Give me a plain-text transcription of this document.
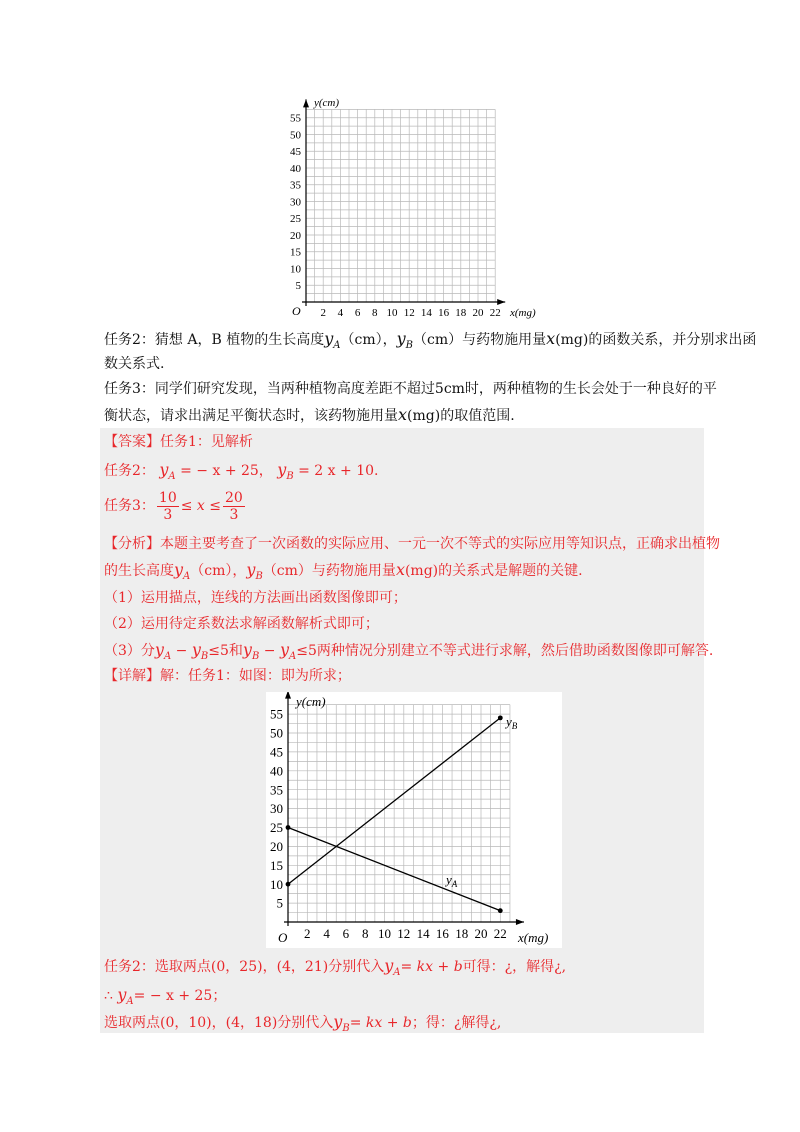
5
10
15
20
25
30
35
40
45
50
55
2 4 6 8 10 12 14 16 18 20 22
y(cm)
x(mg)
O
任务2：猜想 A，B 植物的生长高度$y_A(cm)$，$y_B(cm)$与药物施用量x(mg)的函数关系，并分别求出函
数关系式.
任务3：同学们研究发现，当两种植物高度差距不超过5cm时，两种植物的生长会处于一种良好的平
衡状态，请求出满足平衡状态时，该药物施用量x(mg)的取值范围.
【答案】任务1：见解析
任务2： $y_A$ = − x + 25， $y_B = 2$ x + 10.
任务3： $\frac{10}{3} \le x \le \frac{20}{3}$
【分析】本题主要考查了一次函数的实际应用、一元一次不等式的实际应用等知识点，正确求出植物
的生长高度$y_A(cm)$，$y_B(cm)$与药物施用量x(mg)的关系式是解题的关键.
（1）运用描点，连线的方法画出函数图像即可；
（2）运用待定系数法求解函数解析式即可；
（3）分$y_A - y_B\le 5$和$y_B - y_A\le 5$两种情况分别建立不等式进行求解，然后借助函数图像即可解答.
【详解】解：任务1：如图：即为所求；
5
10
15
20
25
30
35
40
45
50
55
2 4 6 8 10 12 14 16 18 20 22
y(cm)
x(mg)
O
$y_B$
$y_A$
任务2：选取两点(0，25)，(4，21)分别代入$y_A=$ kx + b可得：¿，解得¿,
∴ $y_A= - x + 25$；
选取两点(0，10)，(4，18)分别代入$y_B=$ kx + b；得：¿解得¿,
